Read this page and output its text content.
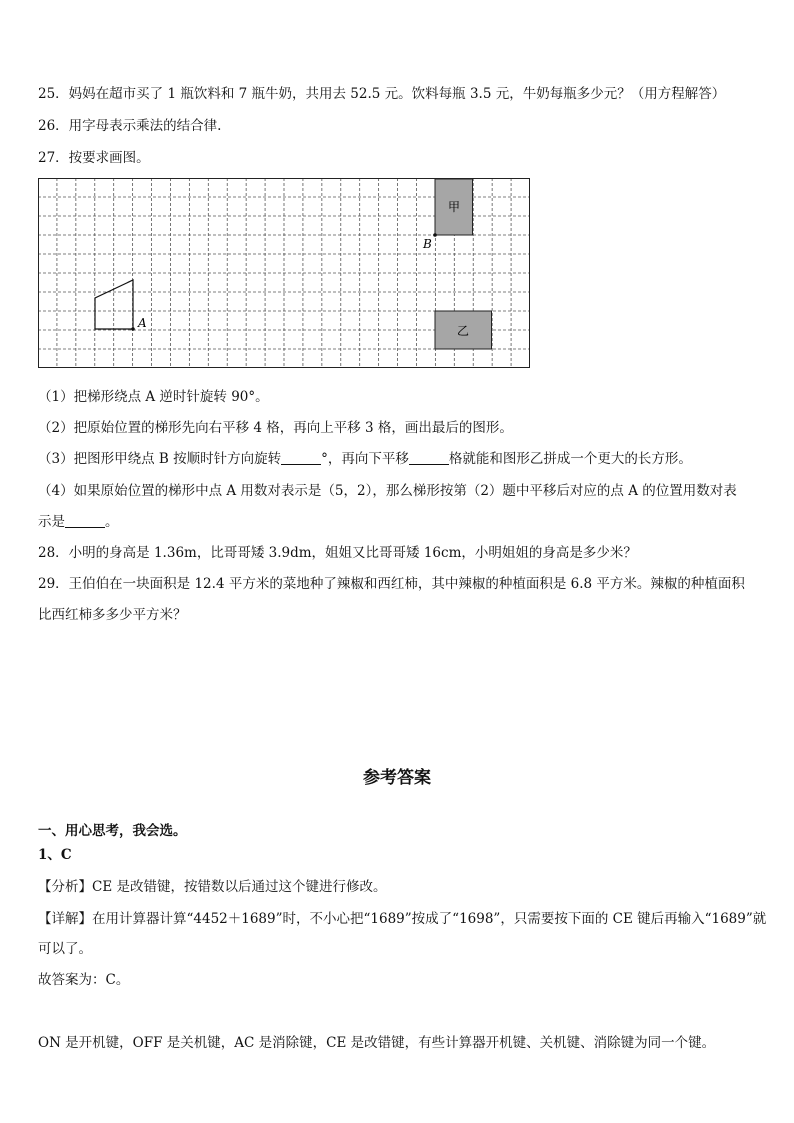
25．妈妈在超市买了 1 瓶饮料和 7 瓶牛奶，共用去 52.5 元。饮料每瓶 3.5 元，牛奶每瓶多少元？（用方程解答）
26．用字母表示乘法的结合律.
27．按要求画图。
甲
B
乙
A
（1）把梯形绕点 A 逆时针旋转 90°。
（2）把原始位置的梯形先向右平移 4 格，再向上平移 3 格，画出最后的图形。
（3）把图形甲绕点 B 按顺时针方向旋转	°，再向下平移	格就能和图形乙拼成一个更大的长方形。
（4）如果原始位置的梯形中点 A 用数对表示是（5，2），那么梯形按第（2）题中平移后对应的点 A 的位置用数对表
示是	。
28．小明的身高是 1.36m，比哥哥矮 3.9dm，姐姐又比哥哥矮 16cm，小明姐姐的身高是多少米？
29．王伯伯在一块面积是 12.4 平方米的菜地种了辣椒和西红柿，其中辣椒的种植面积是 6.8 平方米。辣椒的种植面积
比西红柿多多少平方米？
参考答案
一、用心思考，我会选。
1、C
【分析】CE 是改错键，按错数以后通过这个键进行修改。
【详解】在用计算器计算“4452＋1689”时，不小心把“1689”按成了“1698”，只需要按下面的 CE 键后再输入“1689”就
可以了。
故答案为：C。
ON 是开机键，OFF 是关机键，AC 是消除键，CE 是改错键，有些计算器开机键、关机键、消除键为同一个键。
